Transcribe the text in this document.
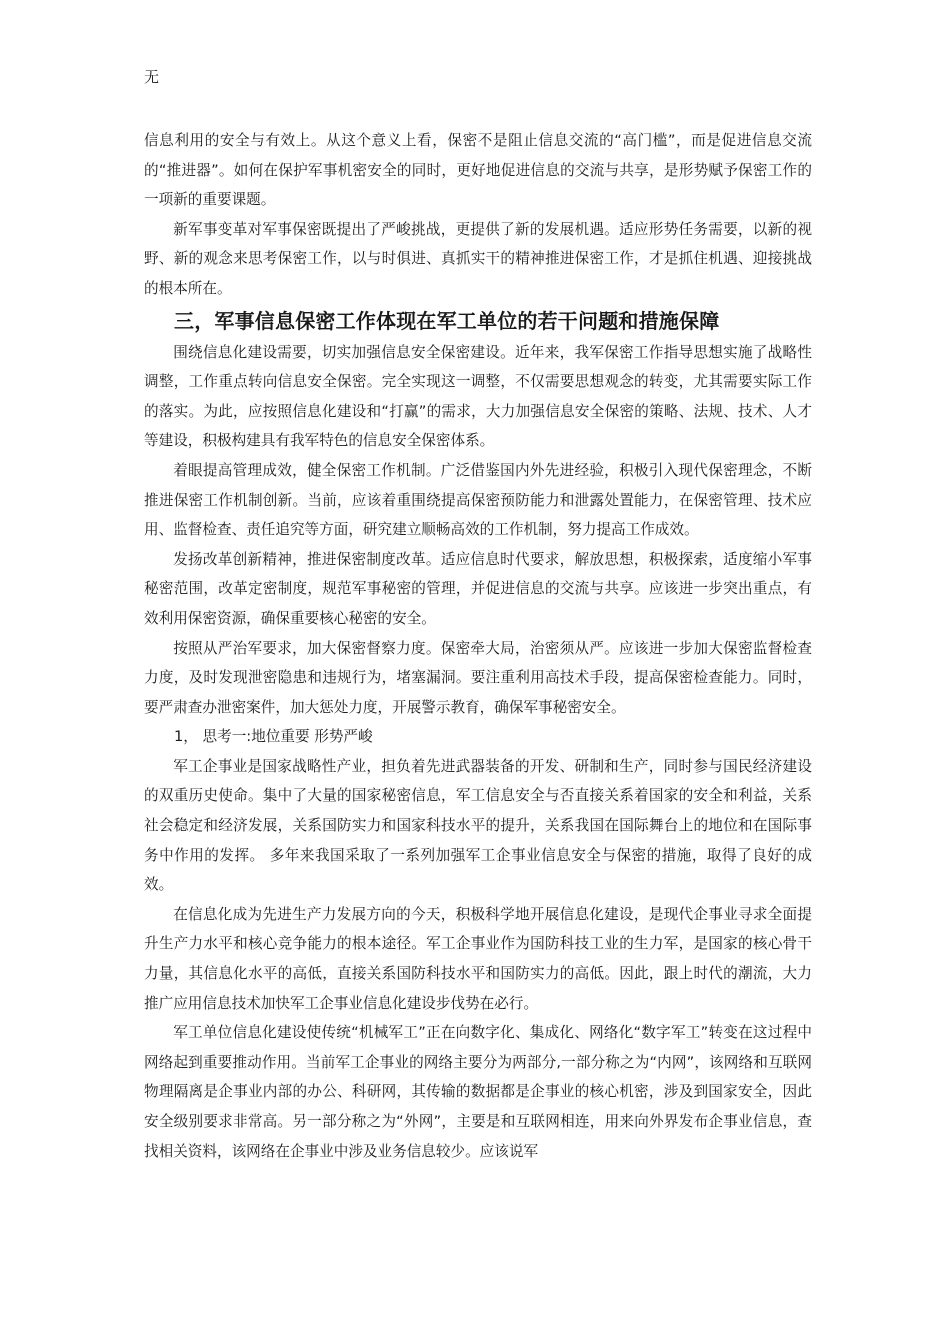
无

信息利用的安全与有效上。从这个意义上看，保密不是阻止信息交流的“高门槛”，而是促进信息交流的“推进器”。如何在保护军事机密安全的同时，更好地促进信息的交流与共享，是形势赋予保密工作的一项新的重要课题。

新军事变革对军事保密既提出了严峻挑战，更提供了新的发展机遇。适应形势任务需要，以新的视野、新的观念来思考保密工作，以与时俱进、真抓实干的精神推进保密工作，才是抓住机遇、迎接挑战的根本所在。

三，军事信息保密工作体现在军工单位的若干问题和措施保障

围绕信息化建设需要，切实加强信息安全保密建设。近年来，我军保密工作指导思想实施了战略性调整，工作重点转向信息安全保密。完全实现这一调整，不仅需要思想观念的转变，尤其需要实际工作的落实。为此，应按照信息化建设和“打赢”的需求，大力加强信息安全保密的策略、法规、技术、人才等建设，积极构建具有我军特色的信息安全保密体系。

着眼提高管理成效，健全保密工作机制。广泛借鉴国内外先进经验，积极引入现代保密理念，不断推进保密工作机制创新。当前，应该着重围绕提高保密预防能力和泄露处置能力，在保密管理、技术应用、监督检查、责任追究等方面，研究建立顺畅高效的工作机制，努力提高工作成效。

发扬改革创新精神，推进保密制度改革。适应信息时代要求，解放思想，积极探索，适度缩小军事秘密范围，改革定密制度，规范军事秘密的管理，并促进信息的交流与共享。应该进一步突出重点，有效利用保密资源，确保重要核心秘密的安全。

按照从严治军要求，加大保密督察力度。保密牵大局，治密须从严。应该进一步加大保密监督检查力度，及时发现泄密隐患和违规行为，堵塞漏洞。要注重利用高技术手段，提高保密检查能力。同时，要严肃查办泄密案件，加大惩处力度，开展警示教育，确保军事秘密安全。

1， 思考一:地位重要 形势严峻

军工企事业是国家战略性产业，担负着先进武器装备的开发、研制和生产，同时参与国民经济建设的双重历史使命。集中了大量的国家秘密信息，军工信息安全与否直接关系着国家的安全和利益，关系社会稳定和经济发展，关系国防实力和国家科技水平的提升，关系我国在国际舞台上的地位和在国际事务中作用的发挥。 多年来我国采取了一系列加强军工企事业信息安全与保密的措施，取得了良好的成效。

在信息化成为先进生产力发展方向的今天，积极科学地开展信息化建设，是现代企事业寻求全面提升生产力水平和核心竞争能力的根本途径。军工企事业作为国防科技工业的生力军，是国家的核心骨干力量，其信息化水平的高低，直接关系国防科技水平和国防实力的高低。因此，跟上时代的潮流，大力推广应用信息技术加快军工企事业信息化建设步伐势在必行。

军工单位信息化建设使传统“机械军工”正在向数字化、集成化、网络化“数字军工”转变在这过程中网络起到重要推动作用。当前军工企事业的网络主要分为两部分,一部分称之为“内网”，该网络和互联网物理隔离是企事业内部的办公、科研网，其传输的数据都是企事业的核心机密，涉及到国家安全，因此安全级别要求非常高。另一部分称之为“外网”，主要是和互联网相连，用来向外界发布企事业信息，查找相关资料，该网络在企事业中涉及业务信息较少。应该说军
